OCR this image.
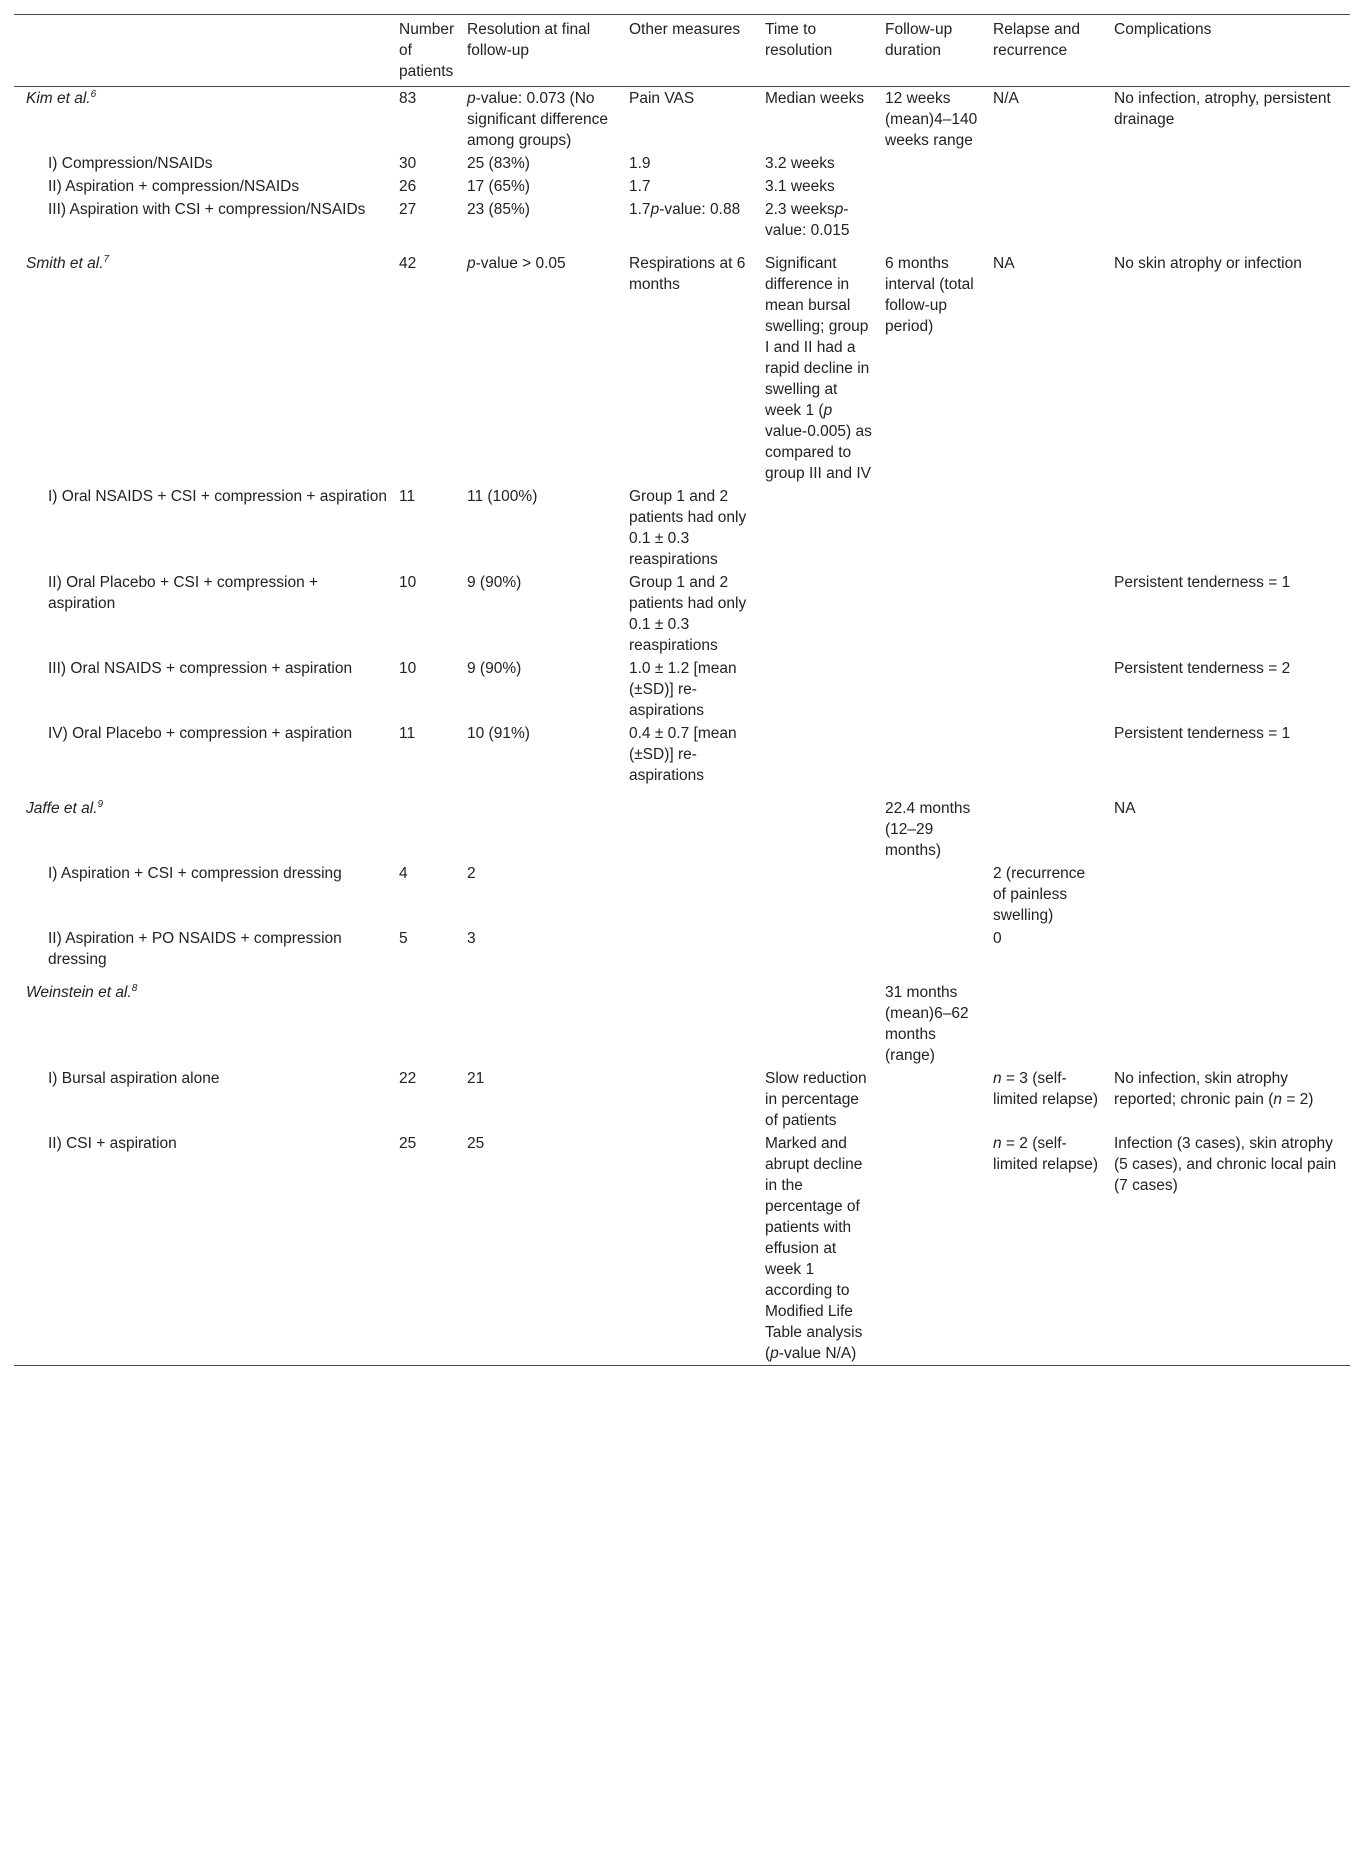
	Number of patients	Resolution at final follow-up	Other measures	Time to resolution	Follow-up duration	Relapse and recurrence	Complications
Kim et al.$^6$	83	p-value: 0.073 (No significant difference among groups)	Pain VAS	Median weeks	12 weeks (mean)4–140 weeks range	N/A	No infection, atrophy, persistent drainage
I) Compression/NSAIDs	30	25 (83%)	1.9	3.2 weeks			
II) Aspiration + compression/NSAIDs	26	17 (65%)	1.7	3.1 weeks			
III) Aspiration with CSI + compression/NSAIDs	27	23 (85%)	1.7p-value: 0.88	2.3 weeksp-value: 0.015			

Smith et al.$^7$	42	p-value > 0.05	Respirations at 6 months	Significant difference in mean bursal swelling; group I and II had a rapid decline in swelling at week 1 (p value-0.005) as compared to group III and IV	6 months interval (total follow-up period)	NA	No skin atrophy or infection
I) Oral NSAIDS + CSI + compression + aspiration	11	11 (100%)	Group 1 and 2 patients had only 0.1 ± 0.3 reaspirations				
II) Oral Placebo + CSI + compression + aspiration	10	9 (90%)	Group 1 and 2 patients had only 0.1 ± 0.3 reaspirations				Persistent tenderness = 1
III) Oral NSAIDS + compression + aspiration	10	9 (90%)	1.0 ± 1.2 [mean (±SD)] re-aspirations				Persistent tenderness = 2
IV) Oral Placebo + compression + aspiration	11	10 (91%)	0.4 ± 0.7 [mean (±SD)] re-aspirations				Persistent tenderness = 1

Jaffe et al.$^9$					22.4 months (12–29 months)		NA
I) Aspiration + CSI + compression dressing	4	2				2 (recurrence of painless swelling)	
II) Aspiration + PO NSAIDS + compression dressing	5	3				0	

Weinstein et al.$^8$					31 months (mean)6–62 months (range)		
I) Bursal aspiration alone	22	21		Slow reduction in percentage of patients		n = 3 (self-limited relapse)	No infection, skin atrophy reported; chronic pain (n = 2)
II) CSI + aspiration	25	25		Marked and abrupt decline in the percentage of patients with effusion at week 1 according to Modified Life Table analysis (p-value N/A)		n = 2 (self-limited relapse)	Infection (3 cases), skin atrophy (5 cases), and chronic local pain (7 cases)
